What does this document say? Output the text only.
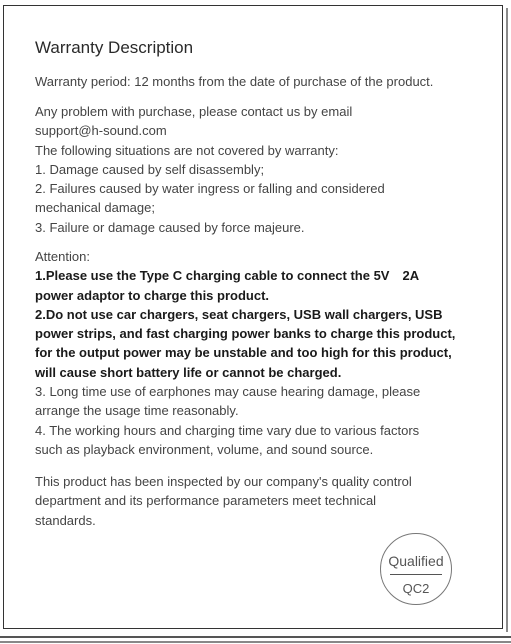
Warranty Description
Warranty period: 12 months from the date of purchase of the product.
Any problem with purchase, please contact us by email
support@h-sound.com
The following situations are not covered by warranty:
1. Damage caused by self disassembly;
2. Failures caused by water ingress or falling and considered
mechanical damage;
3. Failure or damage caused by force majeure.
Attention:
1.Please use the Type C charging cable to connect the 5V 2A
power adaptor to charge this product.
2.Do not use car chargers, seat chargers, USB wall chargers, USB
power strips, and fast charging power banks to charge this product,
for the output power may be unstable and too high for this product,
will cause short battery life or cannot be charged.
3. Long time use of earphones may cause hearing damage, please
arrange the usage time reasonably.
4. The working hours and charging time vary due to various factors
such as playback environment, volume, and sound source.
This product has been inspected by our company's quality control
department and its performance parameters meet technical
standards.
Qualified
QC2
